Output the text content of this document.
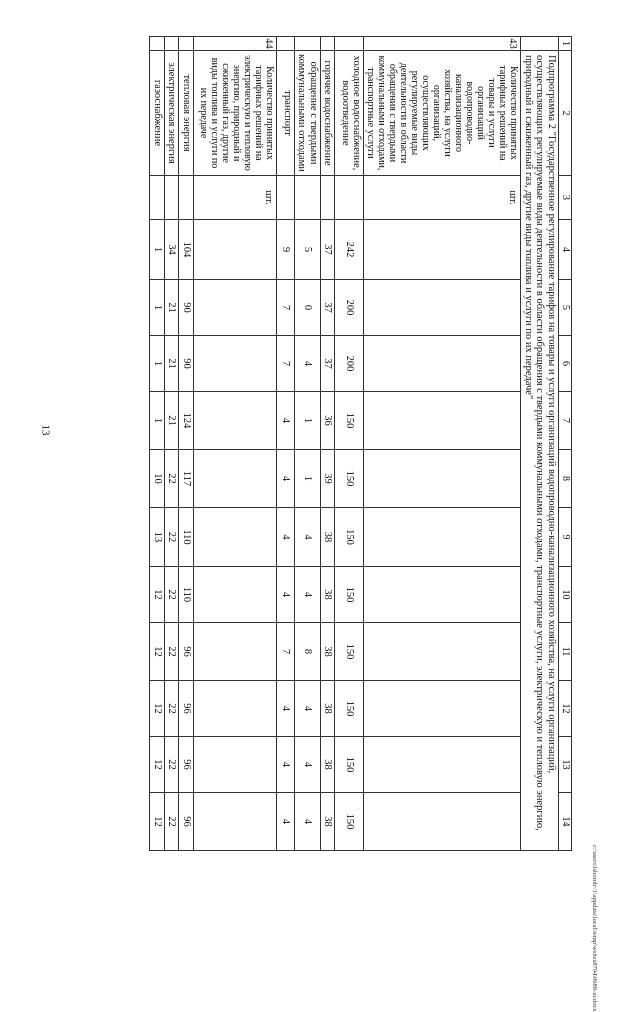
13
c:\users\lsboroh~1\appdata\local\temp\wsites8794\0688-ur.docx
1	2	3	4	5	6	7	8	9	10	11	12	13	14
	Подпрограмма 2 "Государственное регулирование тарифов на товары и услуги организаций водопроводно-канализационного хозяйства, на услуги организаций, осуществляющих регулируемые виды деятельности в области обращения с твердыми коммунальными отходами, транспортные услуги, электрическую и тепловую энергию, природный и сжиженный газ, другие виды топлива и услуги по их передаче"												
43	Количество принятых тарифных решений на товары и услуги организаций водопроводно-канализационного хозяйства, на услуги организаций, осуществляющих регулируемые виды деятельности в области обращения с твердыми коммунальными отходами, транспортные услуги	шт.											
	холодное водоснабжение, водоотведение		242	200	200	150	150	150	150	150	150	150	150
	горячее водоснабжение		37	37	37	36	39	38	38	38	38	38	38
	обращение с твердыми коммунальными отходами		5	0	4	1	1	4	4	8	4	4	4
	транспорт		9	7	7	4	4	4	4	7	4	4	4
44	Количество принятых тарифных решений на электрическую и тепловую энергию, природный и сжиженный газ, другие виды топлива и услуги по их передаче	шт.											
	тепловая энергия		104	90	90	124	117	110	110	96	96	96	96
	электрическая энергия		34	21	21	21	22	22	22	22	22	22	22
	газоснабжение		1	1	1	1	10	13	12	12	12	12	12
